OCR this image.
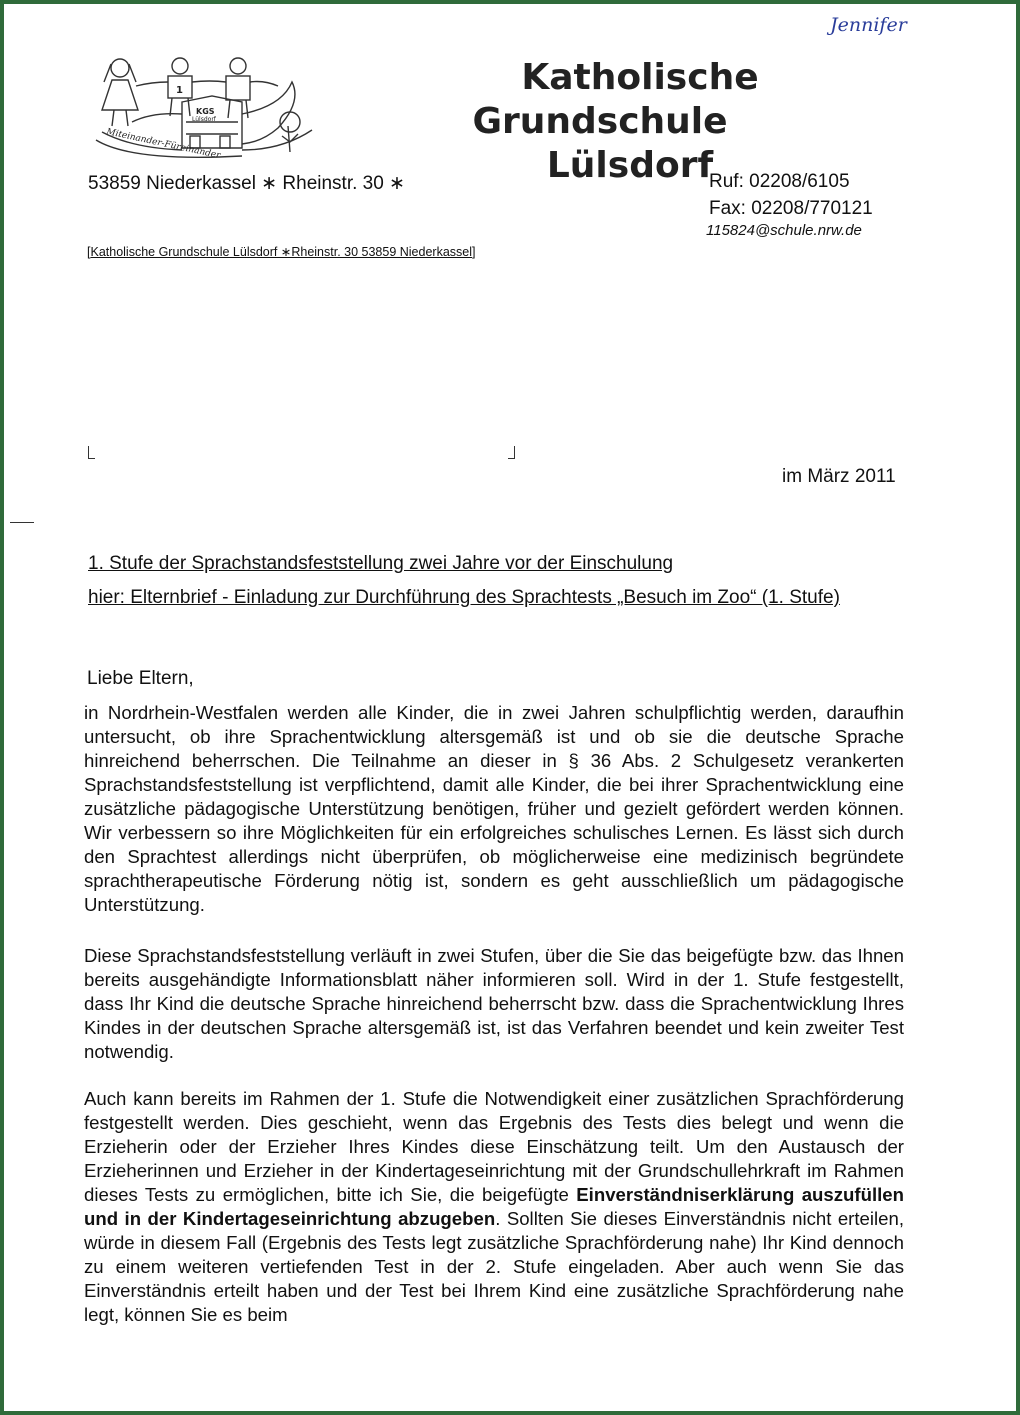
Jennifer
1
KGS
Lülsdorf
Miteinander-Füreinander
Katholische
Grundschule
Lülsdorf
53859 Niederkassel ∗ Rheinstr. 30 ∗	Ruf: 02208/6105
Fax: 02208/770121
115824@schule.nrw.de
[Katholische Grundschule Lülsdorf ∗Rheinstr. 30 53859 Niederkassel]
im März 2011
1. Stufe der Sprachstandsfeststellung zwei Jahre vor der Einschulung
hier: Elternbrief - Einladung zur Durchführung des Sprachtests „Besuch im Zoo“ (1. Stufe)
Liebe Eltern,
in Nordrhein-Westfalen werden alle Kinder, die in zwei Jahren schulpflichtig werden, daraufhin untersucht, ob ihre Sprachentwicklung altersgemäß ist und ob sie die deutsche Sprache hinreichend beherrschen. Die Teilnahme an dieser in § 36 Abs. 2 Schulgesetz verankerten Sprachstandsfeststellung ist verpflichtend, damit alle Kinder, die bei ihrer Sprachentwicklung eine zusätzliche pädagogische Unterstützung benötigen, früher und gezielt gefördert werden können. Wir verbessern so ihre Möglichkeiten für ein erfolgreiches schulisches Lernen. Es lässt sich durch den Sprachtest allerdings nicht überprüfen, ob möglicherweise eine medizinisch begründete sprachtherapeutische Förderung nötig ist, sondern es geht ausschließlich um pädagogische Unterstützung.
Diese Sprachstandsfeststellung verläuft in zwei Stufen, über die Sie das beigefügte bzw. das Ihnen bereits ausgehändigte Informationsblatt näher informieren soll. Wird in der 1. Stufe festgestellt, dass Ihr Kind die deutsche Sprache hinreichend beherrscht bzw. dass die Sprachentwicklung Ihres Kindes in der deutschen Sprache altersgemäß ist, ist das Verfahren beendet und kein zweiter Test notwendig.
Auch kann bereits im Rahmen der 1. Stufe die Notwendigkeit einer zusätzlichen Sprachförderung festgestellt werden. Dies geschieht, wenn das Ergebnis des Tests dies belegt und wenn die Erzieherin oder der Erzieher Ihres Kindes diese Einschätzung teilt. Um den Austausch der Erzieherinnen und Erzieher in der Kindertageseinrichtung mit der Grundschullehrkraft im Rahmen dieses Tests zu ermöglichen, bitte ich Sie, die beigefügte Einverständniserklärung auszufüllen und in der Kindertageseinrichtung abzugeben. Sollten Sie dieses Einverständnis nicht erteilen, würde in diesem Fall (Ergebnis des Tests legt zusätzliche Sprachförderung nahe) Ihr Kind dennoch zu einem weiteren vertiefenden Test in der 2. Stufe eingeladen. Aber auch wenn Sie das Einverständnis erteilt haben und der Test bei Ihrem Kind eine zusätzliche Sprachförderung nahe legt, können Sie es beim
